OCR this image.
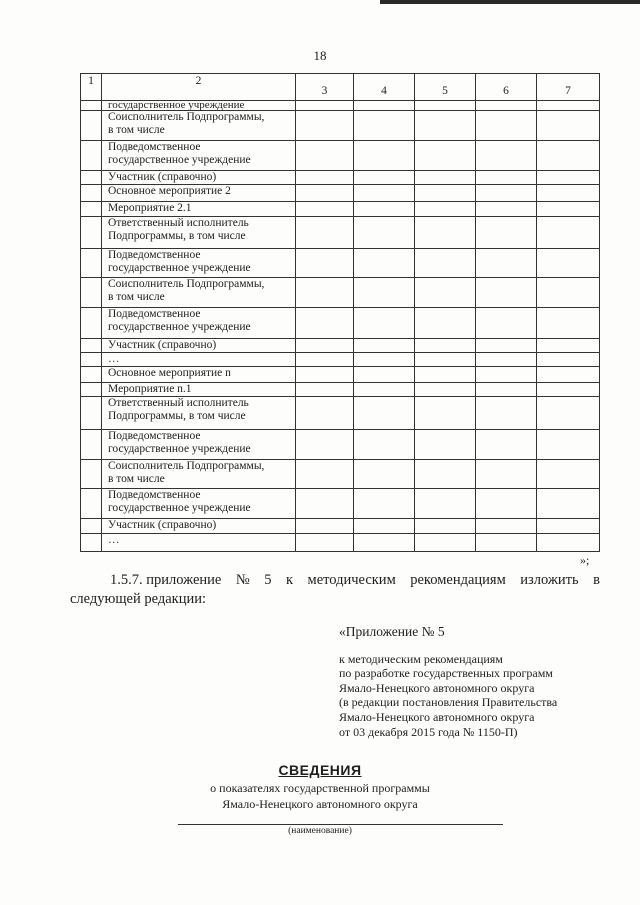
18
1	2	3	4	5	6	7
	государственное учреждение					
	Соисполнитель Подпрограммы,
в том числе					
	Подведомственное
государственное учреждение					
	Участник (справочно)					
	Основное мероприятие 2					
	Мероприятие 2.1					
	Ответственный исполнитель
Подпрограммы, в том числе					
	Подведомственное
государственное учреждение					
	Соисполнитель Подпрограммы,
в том числе					
	Подведомственное
государственное учреждение					
	Участник (справочно)					
	…					
	Основное мероприятие n					
	Мероприятие n.1					
	Ответственный исполнитель
Подпрограммы, в том числе					
	Подведомственное
государственное учреждение					
	Соисполнитель Подпрограммы,
в том числе					
	Подведомственное
государственное учреждение					
	Участник (справочно)					
	…					
»;
1.5.7. приложение № 5 к методическим рекомендациям изложить в
следующей редакции:
«Приложение № 5
к методическим рекомендациям
по разработке государственных программ
Ямало-Ненецкого автономного округа
(в редакции постановления Правительства
Ямало-Ненецкого автономного округа
от 03 декабря 2015 года № 1150-П)
СВЕДЕНИЯ
о показателях государственной программы
Ямало-Ненецкого автономного округа
(наименование)
